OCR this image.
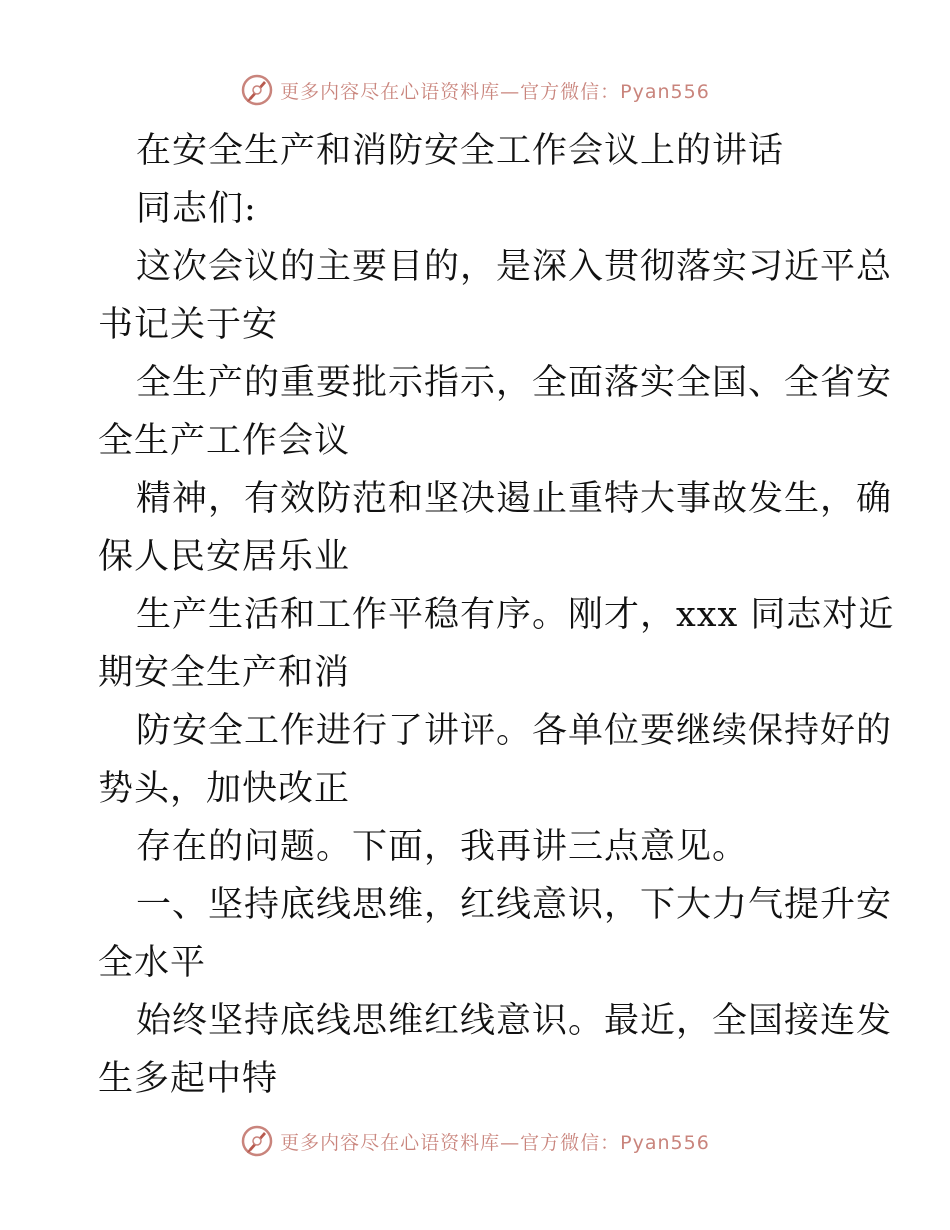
更多内容尽在心语资料库—官方微信：Pyan556
在安全生产和消防安全工作会议上的讲话
同志们:
这次会议的主要目的，是深入贯彻落实习近平总
书记关于安
全生产的重要批示指示，全面落实全国、全省安
全生产工作会议
精神，有效防范和坚决遏止重特大事故发生，确
保人民安居乐业
生产生活和工作平稳有序。刚才，xxx 同志对近
期安全生产和消
防安全工作进行了讲评。各单位要继续保持好的
势头，加快改正
存在的问题。下面，我再讲三点意见。
一、坚持底线思维，红线意识，下大力气提升安
全水平
始终坚持底线思维红线意识。最近，全国接连发
生多起中特
更多内容尽在心语资料库—官方微信：Pyan556
